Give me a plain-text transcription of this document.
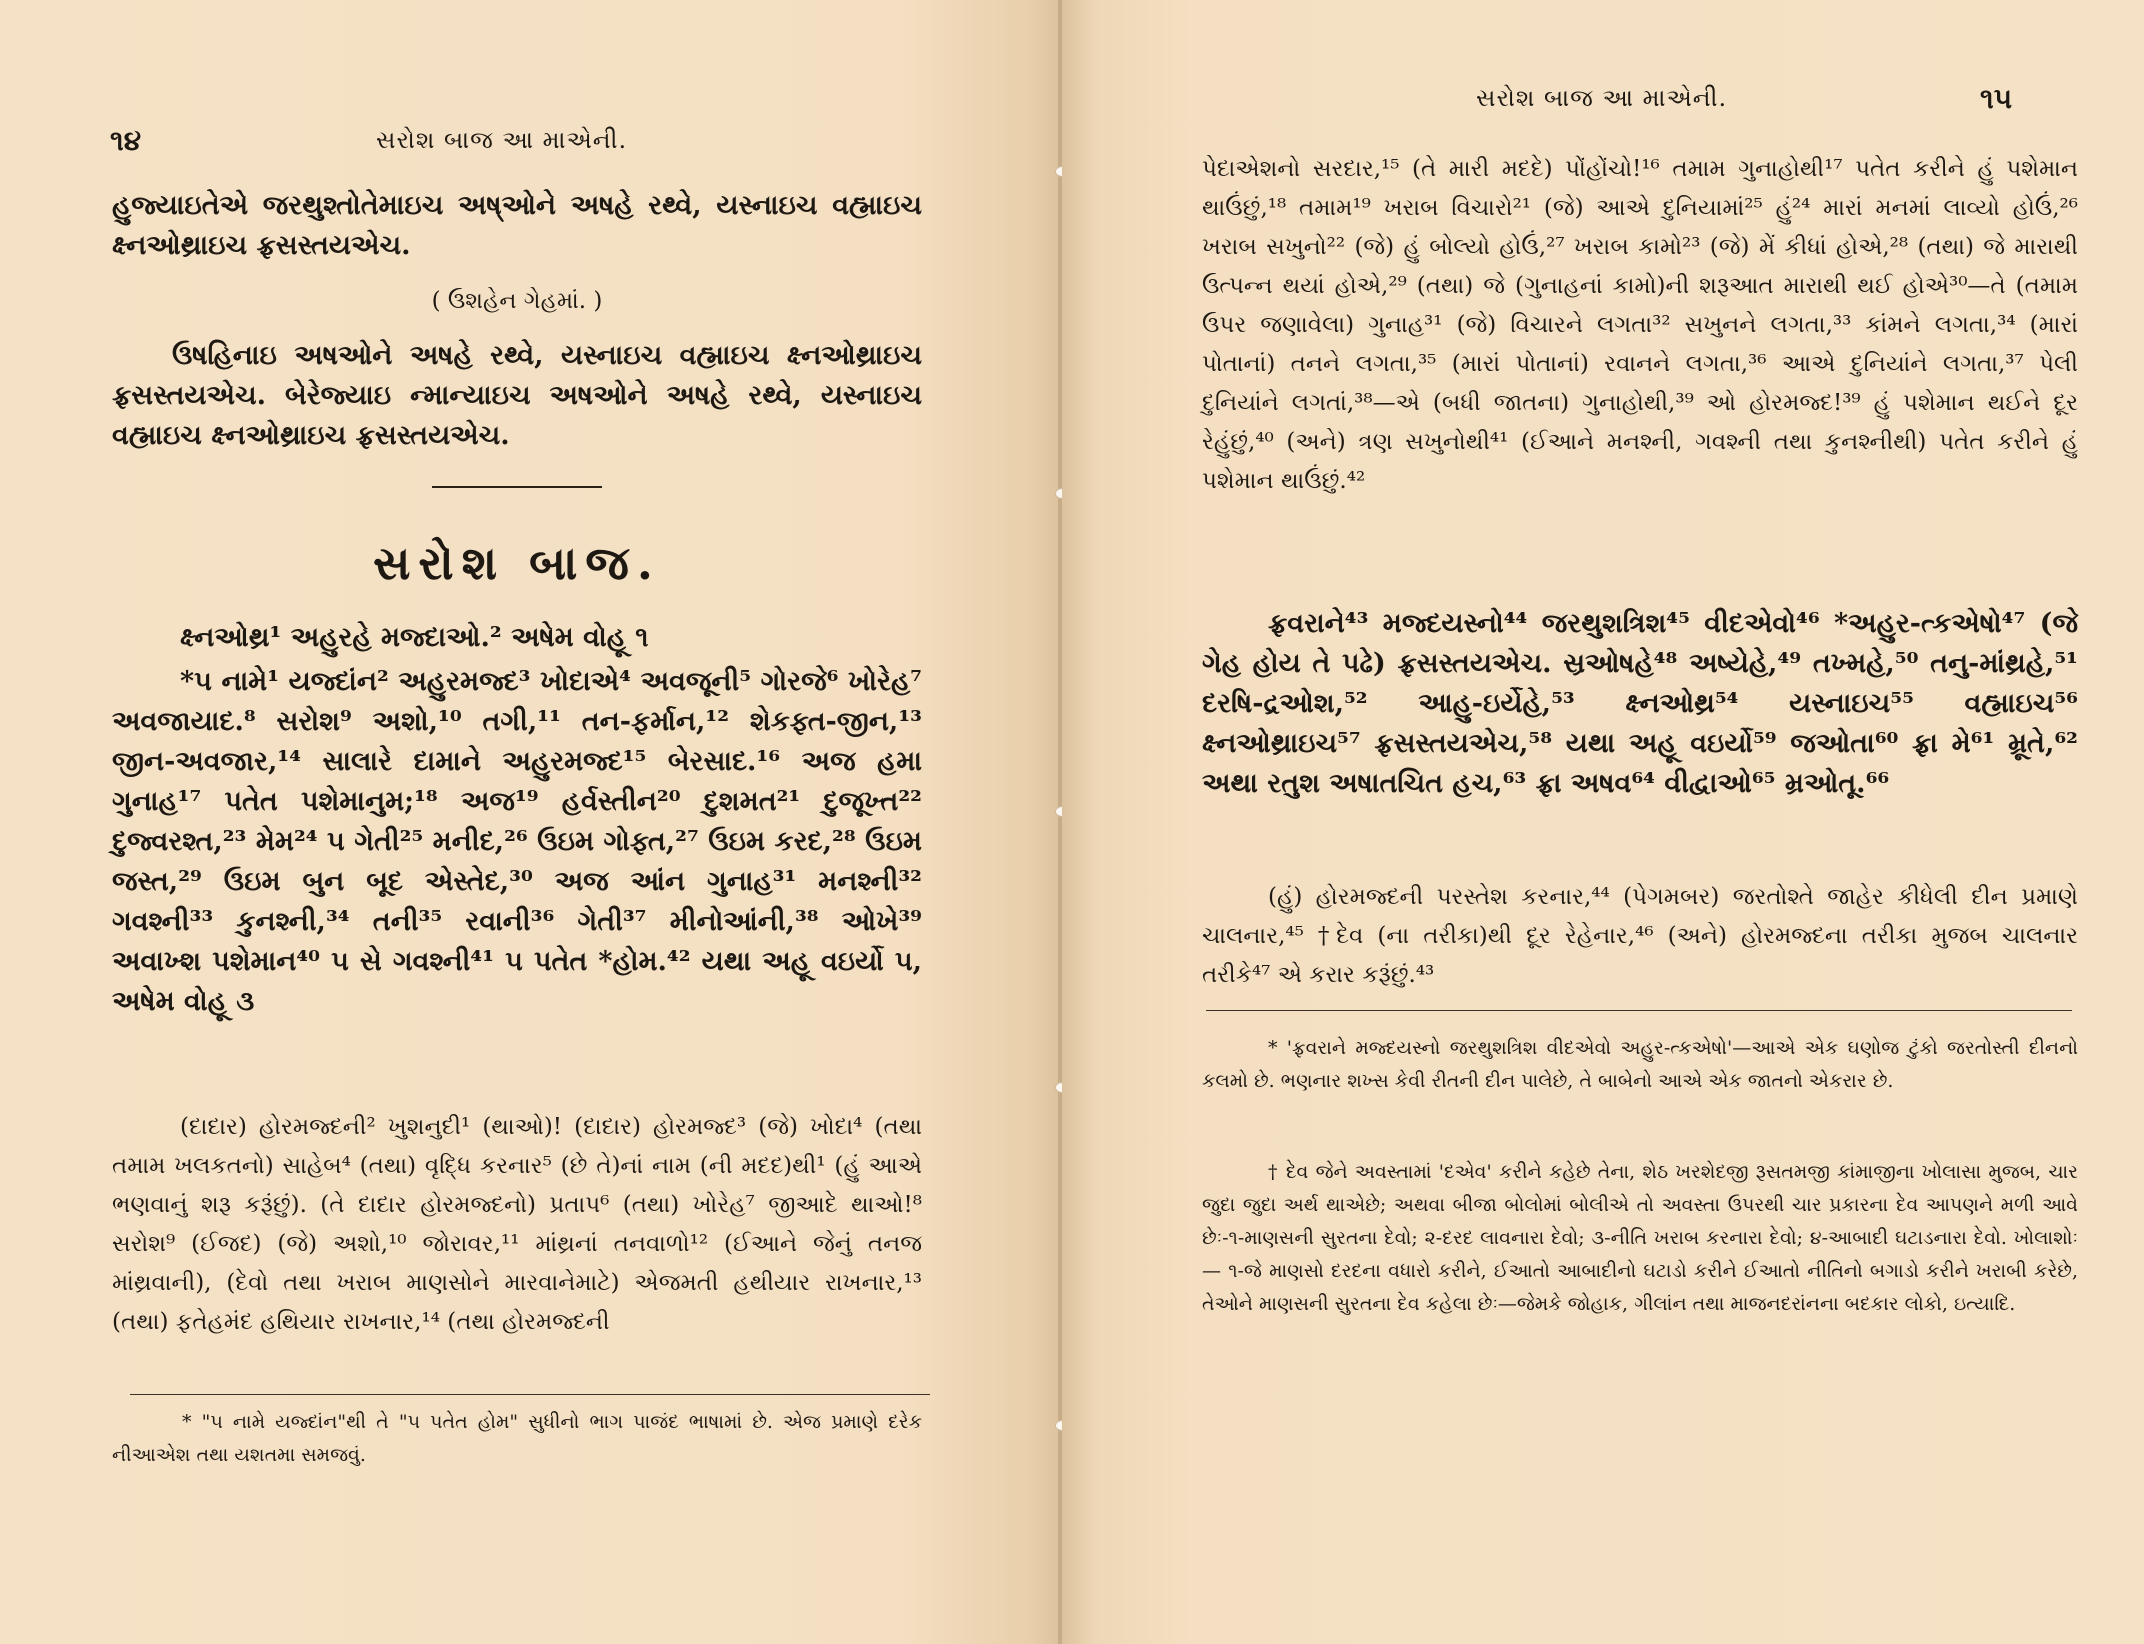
૧૪	સરોશ બાજ આ માએની.

હુજ્યાઇતેએ જરથુશ્તોતેમાઇચ અષ્ઓને અષહે રથ્વે, યસ્નાઇચ વહ્માઇચ ક્ષ્નઓથ્રાઇચ ફ્રસસ્તયએચ.

( ઉશહેન ગેહમાં. )

ઉષહિનાઇ અષઓને અષહે રથ્વે, યસ્નાઇચ વહ્માઇચ ક્ષ્નઓથ્રાઇચ ફ્રસસ્તયએચ. બેરેજ્યાઇ ન્માન્યાઇચ અષઓને અષહે રથ્વે, યસ્નાઇચ વહ્માઇચ ક્ષ્નઓથ્રાઇચ ફ્રસસ્તયએચ.

સરોશ બાજ.

ક્ષ્નઓથ્ર¹ અહુરહે મજ્દાઓ.² અષેમ વોહૂ ૧

*૫ નામે¹ યજ્દાંન² અહુરમજ્દ³ ખોદાએ⁴ અવજૂની⁵ ગોરજે⁶ ખોરેહ⁷ અવજાયાદ.⁸ સરોશ⁹ અશો,¹⁰ તગી,¹¹ તન-ફર્માન,¹² શેકફ્ત-જીન,¹³ જીન-અવજાર,¹⁴ સાલારે દામાને અહુરમજ્દ¹⁵ બેરસાદ.¹⁶ અજ હમા ગુનાહ¹⁷ પતેત પશેમાનુમ;¹⁸ અજ¹⁹ હર્વસ્તીન²⁰ દુશમત²¹ દુજૂખ્ત²² દુજ્વરશ્ત,²³ મેમ²⁴ ૫ ગેતી²⁵ મનીદ,²⁶ ઉઇમ ગોફ્ત,²⁷ ઉઇમ કરદ,²⁸ ઉઇમ જસ્ત,²⁹ ઉઇમ બુન બૂદ એસ્તેદ,³⁰ અજ આંન ગુનાહ³¹ મનશ્ની³² ગવશ્ની³³ કુનશ્ની,³⁴ તની³⁵ રવાની³⁶ ગેતી³⁷ મીનોઆંની,³⁸ ઓખે³⁹ અવાખ્શ પશેમાન⁴⁰ ૫ સે ગવશ્ની⁴¹ ૫ પતેત *હોમ.⁴² યથા અહૂ વઇર્યો ૫, અષેમ વોહૂ ૩

(દાદાર) હોરમજ્દની² ખુશનુદી¹ (થાઓ)! (દાદાર) હોરમજ્દ³ (જે) ખોદા⁴ (તથા તમામ ખલકતનો) સાહેબ⁴ (તથા) વૃદ્ધિ કરનાર⁵ (છે તે)નાં નામ (ની મદદ)થી¹ (હું આએ ભણવાનું શરૂ કરૂંછું). (તે દાદાર હોરમજ્દનો) પ્રતાપ⁶ (તથા) ખોરેહ⁷ જીઆદે થાઓ!⁸ સરોશ⁹ (ઈજદ) (જે) અશો,¹⁰ જોરાવર,¹¹ માંથ્રનાં તનવાળો¹² (ઈઆને જેનું તનજ માંથ્રવાની), (દેવો તથા ખરાબ માણસોને મારવાનેમાટે) એજમતી હથીયાર રાખનાર,¹³ (તથા) ફતેહમંદ હથિયાર રાખનાર,¹⁴ (તથા હોરમજ્દની

* "૫ નામે યજ્દાંન"થી તે "૫ પતેત હોમ" સુધીનો ભાગ પાજંદ ભાષામાં છે. એજ પ્રમાણે દરેક નીઆએશ તથા યશતમા સમજવું.

સરોશ બાજ આ માએની.	૧૫

પેદાએશનો સરદાર,¹⁵ (તે મારી મદદે) પોંહોંચો!¹⁶ તમામ ગુનાહોથી¹⁷ પતેત કરીને હું પશેમાન થાઉંછું,¹⁸ તમામ¹⁹ ખરાબ વિચારો²¹ (જે) આએ દુનિયામાં²⁵ હું²⁴ મારાં મનમાં લાવ્યો હોઉં,²⁶ ખરાબ સખુનો²² (જે) હું બોલ્યો હોઉં,²⁷ ખરાબ કામો²³ (જે) મેં કીધાં હોએ,²⁸ (તથા) જે મારાથી ઉત્પન્ન થયાં હોએ,²⁹ (તથા) જે (ગુનાહનાં કામો)ની શરૂઆત મારાથી થઈ હોએ³⁰—તે (તમામ ઉપર જણાવેલા) ગુનાહ³¹ (જે) વિચારને લગતા³² સખુનને લગતા,³³ કાંમને લગતા,³⁴ (મારાં પોતાનાં) તનને લગતા,³⁵ (મારાં પોતાનાં) રવાનને લગતા,³⁶ આએ દુનિયાંને લગતા,³⁷ પેલી દુનિયાંને લગતાં,³⁸—એ (બધી જાતના) ગુનાહોથી,³⁹ ઓ હોરમજ્દ!³⁹ હું પશેમાન થઈને દૂર રેહુંછું,⁴⁰ (અને) ત્રણ સખુનોથી⁴¹ (ઈઆને મનશ્ની, ગવશ્ની તથા કુનશ્નીથી) પતેત કરીને હું પશેમાન થાઉંછું.⁴²

ફ્રવરાને⁴³ મજ્દયસ્નો⁴⁴ જરથુશત્રિશ⁴⁵ વીદએવો⁴⁶ *અહુર-ત્કએષો⁴⁷ (જે ગેહ હોય તે પઢે) ફ્રસસ્તયએચ. સ્રઓષહે⁴⁸ અષ્યેહે,⁴⁹ તખ્મહે,⁵⁰ તનુ-માંથ્રહે,⁵¹ દરષિ-દ્રઓશ,⁵² આહુ-ઇર્યેહે,⁵³ ક્ષ્નઓથ્ર⁵⁴ યસ્નાઇચ⁵⁵ વહ્માઇચ⁵⁶ ક્ષ્નઓથ્રાઇચ⁵⁷ ફ્રસસ્તયએચ,⁵⁸ યથા અહૂ વઇર્યો⁵⁹ જઓતા⁶⁰ ફ્રા મે⁶¹ મ્રૂતે,⁶² અથા રતુશ અષાતચિત હચ,⁶³ ફ્રા અષવ⁶⁴ વીદ્વાઓ⁶⁵ મ્રઓતૂ.⁶⁶

(હું) હોરમજ્દની પરસ્તેશ કરનાર,⁴⁴ (પેગમબર) જરતોશ્તે જાહેર કીધેલી દીન પ્રમાણે ચાલનાર,⁴⁵ †દેવ (ના તરીકા)થી દૂર રેહેનાર,⁴⁶ (અને) હોરમજ્દના તરીકા મુજબ ચાલનાર તરીકે⁴⁷ એ કરાર કરૂંછું.⁴³

* 'ફ્રવરાને મજ્દયસ્નો જરથુશત્રિશ વીદએવો અહુર-ત્કએષો'—આએ એક ઘણોજ ટુંકો જરતોસ્તી દીનનો કલમો છે. ભણનાર શખ્સ કેવી રીતની દીન પાલેછે, તે બાબેનો આએ એક જાતનો એકરાર છે.

† દેવ જેને અવસ્તામાં 'દએવ' કરીને કહેછે તેના, શેઠ ખરશેદજી રૂસતમજી કાંમાજીના ખોલાસા મુજબ, ચાર જુદા જુદા અર્થ થાએછે; અથવા બીજા બોલોમાં બોલીએ તો અવસ્તા ઉપરથી ચાર પ્રકારના દેવ આપણને મળી આવે છેઃ-૧-માણસની સુરતના દેવો; ૨-દરદ લાવનારા દેવો; ૩-નીતિ ખરાબ કરનારા દેવો; ૪-આબાદી ઘટાડનારા દેવો. ખોલાશોઃ— ૧-જે માણસો દરદના વધારો કરીને, ઈઆતો આબાદીનો ઘટાડો કરીને ઈઆતો નીતિનો બગાડો કરીને ખરાબી કરેછે, તેઓને માણસની સુરતના દેવ કહેલા છેઃ—જેમકે જોહાક, ગીલાંન તથા માજનદરાંનના બદકાર લોકો, ઇત્યાદિ.
